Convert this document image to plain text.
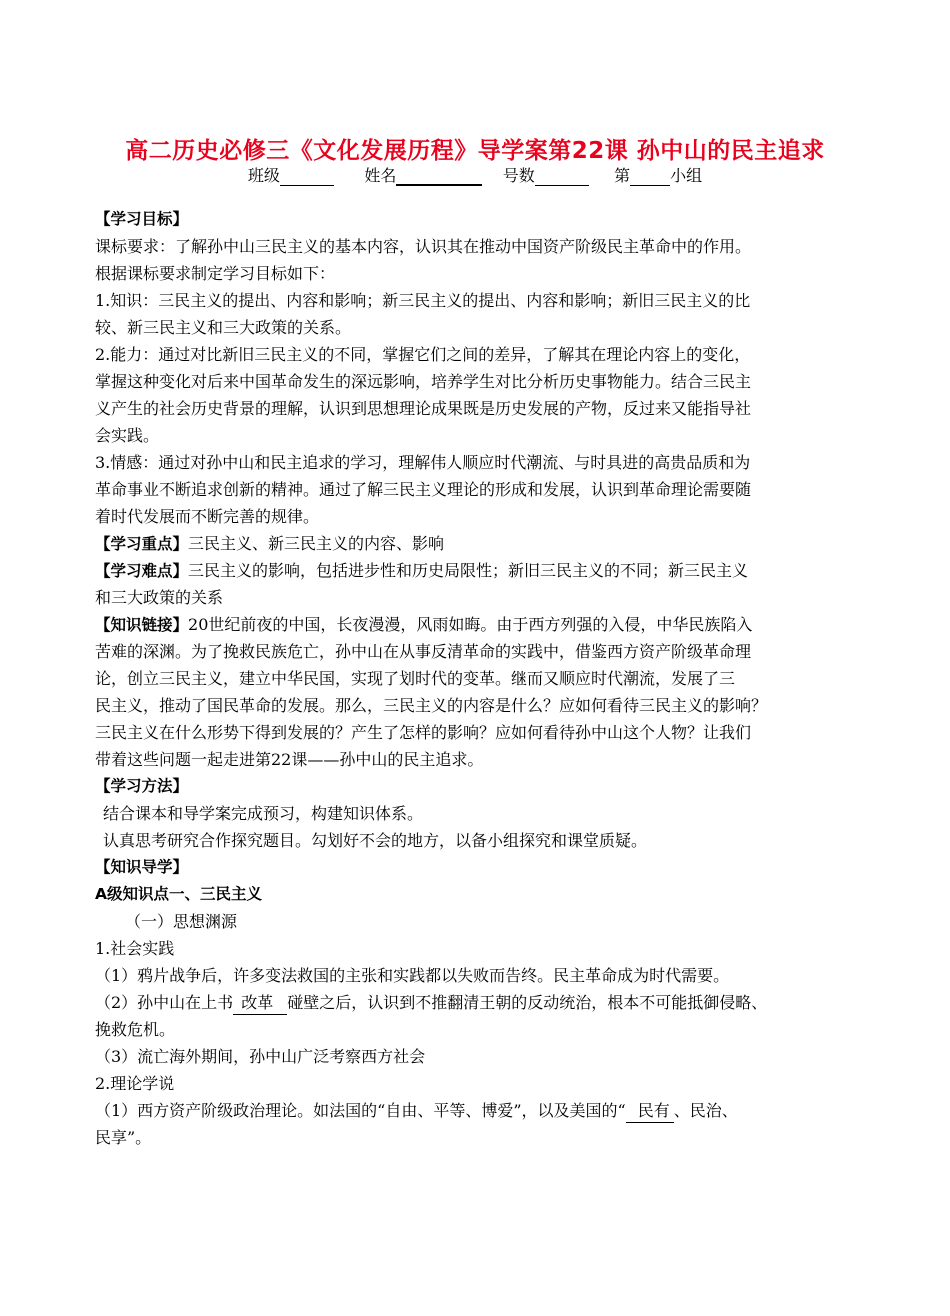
高二历史必修三《文化发展历程》导学案第22课 孙中山的民主追求
班级	姓名	号数	第	小组
【学习目标】
课标要求：了解孙中山三民主义的基本内容，认识其在推动中国资产阶级民主革命中的作用。
根据课标要求制定学习目标如下：
1.知识：三民主义的提出、内容和影响；新三民主义的提出、内容和影响；新旧三民主义的比
较、新三民主义和三大政策的关系。
2.能力：通过对比新旧三民主义的不同，掌握它们之间的差异，了解其在理论内容上的变化，
掌握这种变化对后来中国革命发生的深远影响，培养学生对比分析历史事物能力。结合三民主
义产生的社会历史背景的理解，认识到思想理论成果既是历史发展的产物，反过来又能指导社
会实践。
3.情感：通过对孙中山和民主追求的学习，理解伟人顺应时代潮流、与时具进的高贵品质和为
革命事业不断追求创新的精神。通过了解三民主义理论的形成和发展，认识到革命理论需要随
着时代发展而不断完善的规律。
【学习重点】三民主义、新三民主义的内容、影响
【学习难点】三民主义的影响，包括进步性和历史局限性；新旧三民主义的不同；新三民主义
和三大政策的关系
【知识链接】20世纪前夜的中国，长夜漫漫，风雨如晦。由于西方列强的入侵，中华民族陷入
苦难的深渊。为了挽救民族危亡，孙中山在从事反清革命的实践中，借鉴西方资产阶级革命理
论，创立三民主义，建立中华民国，实现了划时代的变革。继而又顺应时代潮流，发展了三
民主义，推动了国民革命的发展。那么，三民主义的内容是什么？应如何看待三民主义的影响？
三民主义在什么形势下得到发展的？产生了怎样的影响？应如何看待孙中山这个人物？让我们
带着这些问题一起走进第22课——孙中山的民主追求。
【学习方法】
结合课本和导学案完成预习，构建知识体系。
认真思考研究合作探究题目。勾划好不会的地方，以备小组探究和课堂质疑。
【知识导学】
A级知识点一、三民主义
（一）思想渊源
1.社会实践
（1）鸦片战争后，许多变法救国的主张和实践都以失败而告终。民主革命成为时代需要。
（2）孙中山在上书 改革 碰壁之后，认识到不推翻清王朝的反动统治，根本不可能抵御侵略、
挽救危机。
（3）流亡海外期间，孙中山广泛考察西方社会
2.理论学说
（1）西方资产阶级政治理论。如法国的“自由、平等、博爱”，以及美国的“ 民有 、民治、
民享”。
